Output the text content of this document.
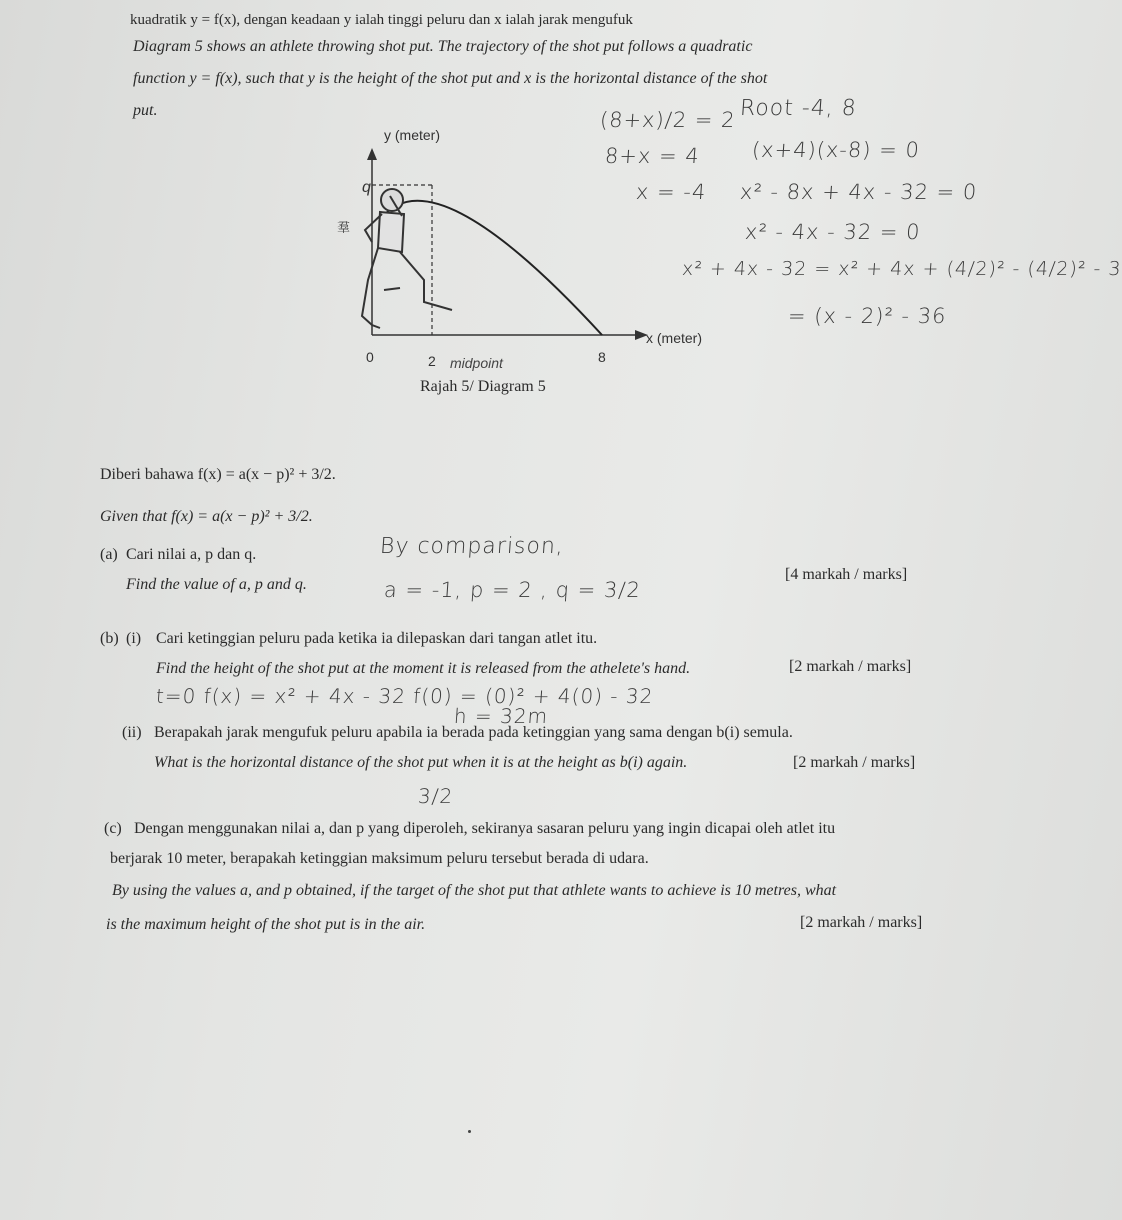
kuadratik y = f(x), dengan keadaan y ialah tinggi peluru dan x ialah jarak mengufuk
Diagram 5 shows an athlete throwing shot put. The trajectory of the shot put follows a quadratic
function y = f(x), such that y is the height of the shot put and x is the horizontal distance of the shot
put.
羣
y (meter)
x (meter)
0	2	8
q
midpoint
Rajah 5/ Diagram 5
(8+x)/2 = 2
8+x = 4
x = -4
Root -4, 8
(x+4)(x-8) = 0
x² - 8x + 4x - 32 = 0
x² - 4x - 32 = 0
x² + 4x - 32 = x² + 4x + (4/2)² - (4/2)² - 3
= (x - 2)² - 36
Diberi bahawa f(x) = a(x − p)² + 3/2.
Given that f(x) = a(x − p)² + 3/2.
(a) Cari nilai a, p dan q.
Find the value of a, p and q.
[4 markah / marks]
By comparison,
a = -1, p = 2 , q = 3/2
(b) (i) Cari ketinggian peluru pada ketika ia dilepaskan dari tangan atlet itu.
Find the height of the shot put at the moment it is released from the athelete's hand.	[2 markah / marks]
t=0 f(x) = x² + 4x - 32 f(0) = (0)² + 4(0) - 32
h = 32m
(ii) Berapakah jarak mengufuk peluru apabila ia berada pada ketinggian yang sama dengan b(i) semula.
What is the horizontal distance of the shot put when it is at the height as b(i) again.	[2 markah / marks]
3/2
(c) Dengan menggunakan nilai a, dan p yang diperoleh, sekiranya sasaran peluru yang ingin dicapai oleh atlet itu
berjarak 10 meter, berapakah ketinggian maksimum peluru tersebut berada di udara.
By using the values a, and p obtained, if the target of the shot put that athlete wants to achieve is 10 metres, what
is the maximum height of the shot put is in the air.	[2 markah / marks]
